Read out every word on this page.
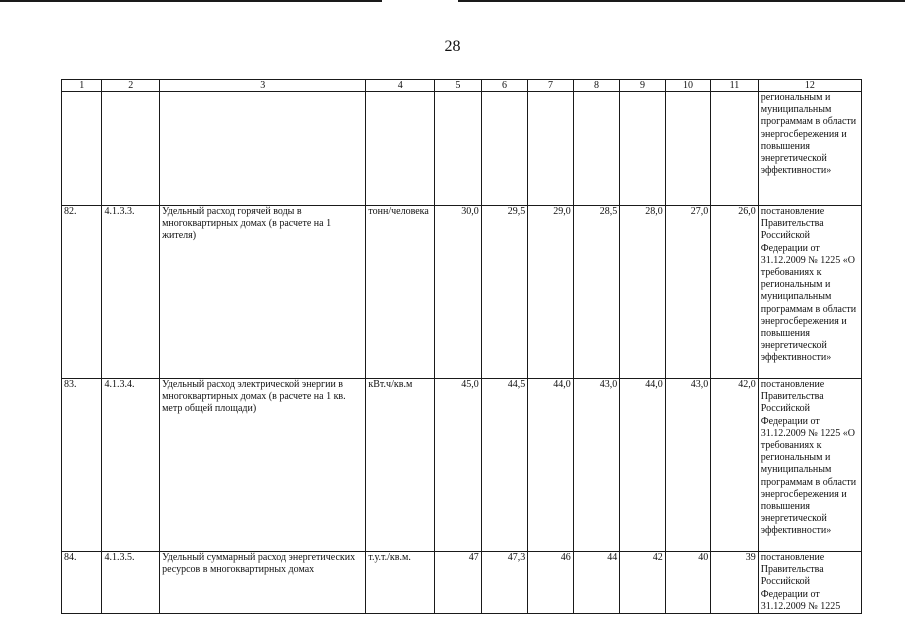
28
1	2	3	4	5	6	7	8	9	10	11	12
											региональным и муниципальным программам в области энергосбережения и повышения энергетической эффективности»
82.	4.1.3.3.	Удельный расход горячей воды в многоквартирных домах (в расчете на 1 жителя)	тонн/человека	30,0	29,5	29,0	28,5	28,0	27,0	26,0	постановление Правительства Российской Федерации от 31.12.2009 № 1225 «О требованиях к региональным и муниципальным программам в области энергосбережения и повышения энергетической эффективности»
83.	4.1.3.4.	Удельный расход электрической энергии в многоквартирных домах (в расчете на 1 кв. метр общей площади)	кВт.ч/кв.м	45,0	44,5	44,0	43,0	44,0	43,0	42,0	постановление Правительства Российской Федерации от 31.12.2009 № 1225 «О требованиях к региональным и муниципальным программам в области энергосбережения и повышения энергетической эффективности»
84.	4.1.3.5.	Удельный суммарный расход энергетических ресурсов в многоквартирных домах	т.у.т./кв.м.	47	47,3	46	44	42	40	39	постановление Правительства Российской Федерации от 31.12.2009 № 1225
